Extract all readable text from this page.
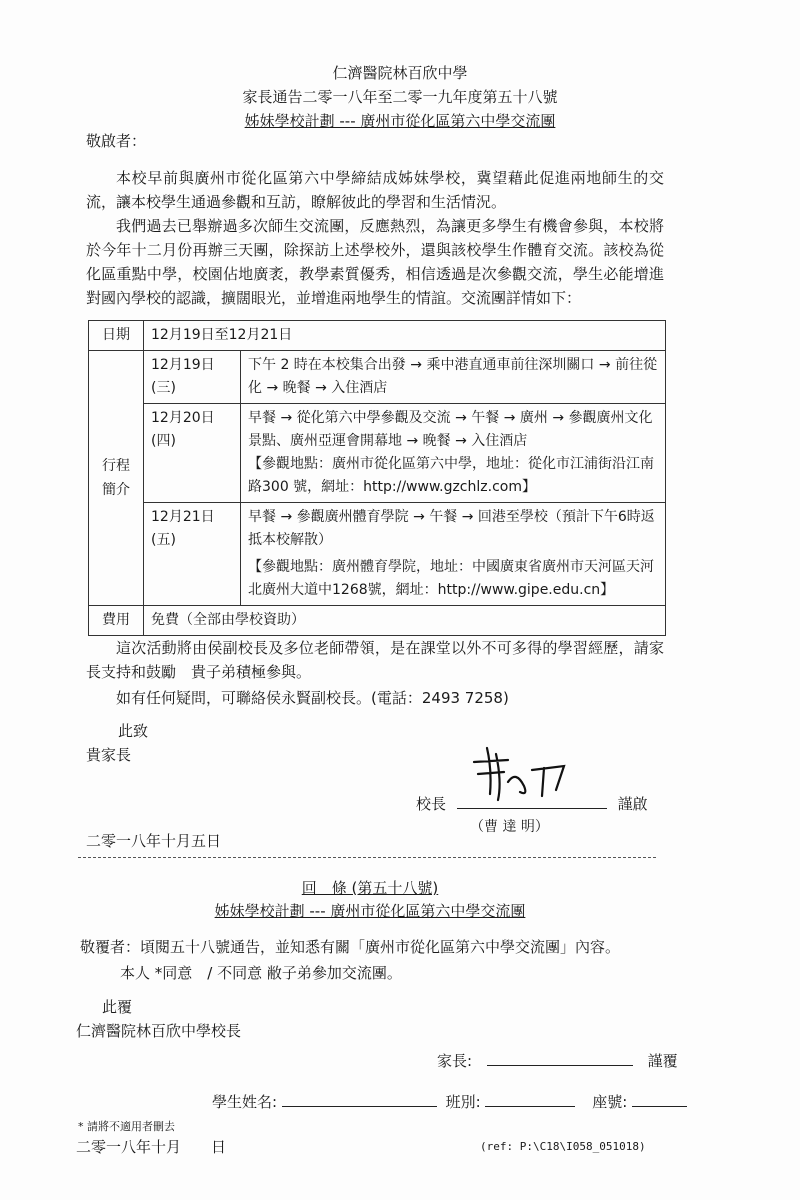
仁濟醫院林百欣中學
家長通告二零一八年至二零一九年度第五十八號
姊妹學校計劃 --- 廣州市從化區第六中學交流團
敬啟者：
本校早前與廣州市從化區第六中學締結成姊妹學校，冀望藉此促進兩地師生的交流，讓本校學生通過參觀和互訪，瞭解彼此的學習和生活情況。
我們過去已舉辦過多次師生交流團，反應熱烈，為讓更多學生有機會參與，本校將於今年十二月份再辦三天團，除探訪上述學校外，還與該校學生作體育交流。該校為從化區重點中學，校園佔地廣袤，教學素質優秀，相信透過是次參觀交流，學生必能增進對國內學校的認識，擴闊眼光，並增進兩地學生的情誼。交流團詳情如下：
日期	12月19日至12月21日	
行程簡介	12月19日(三)	下午 2 時在本校集合出發 → 乘中港直通車前往深圳關口 → 前往從化 → 晚餐 → 入住酒店

	12月20日(四)	早餐 → 從化第六中學參觀及交流 → 午餐 → 廣州 → 參觀廣州文化景點、廣州亞運會開幕地 → 晚餐 → 入住酒店
【參觀地點：廣州市從化區第六中學，地址：從化市江浦街沿江南路300 號，網址：http://www.gzchlz.com】

	12月21日(五)	早餐 → 參觀廣州體育學院 → 午餐 → 回港至學校（預計下午6時返抵本校解散）
【參觀地點：廣州體育學院，地址：中國廣東省廣州市天河區天河北廣州大道中1268號，網址：http://www.gipe.edu.cn】

費用	免費（全部由學校資助）	
這次活動將由侯副校長及多位老師帶領，是在課堂以外不可多得的學習經歷，請家長支持和鼓勵　貴子弟積極參與。
如有任何疑問，可聯絡侯永賢副校長。(電話：2493 7258)
此致
貴家長
校長	謹啟
（曹 達 明）
二零一八年十月五日
回　條 (第五十八號)
姊妹學校計劃 --- 廣州市從化區第六中學交流團
敬覆者：頃閱五十八號通告，並知悉有關「廣州市從化區第六中學交流團」內容。
本人 *同意　/ 不同意 敝子弟參加交流團。
此覆
仁濟醫院林百欣中學校長
家長:	謹覆
學生姓名:	班別:	座號:
* 請將不適用者刪去
二零一八年十月　　日	(ref: P:\C18\I058_051018)
